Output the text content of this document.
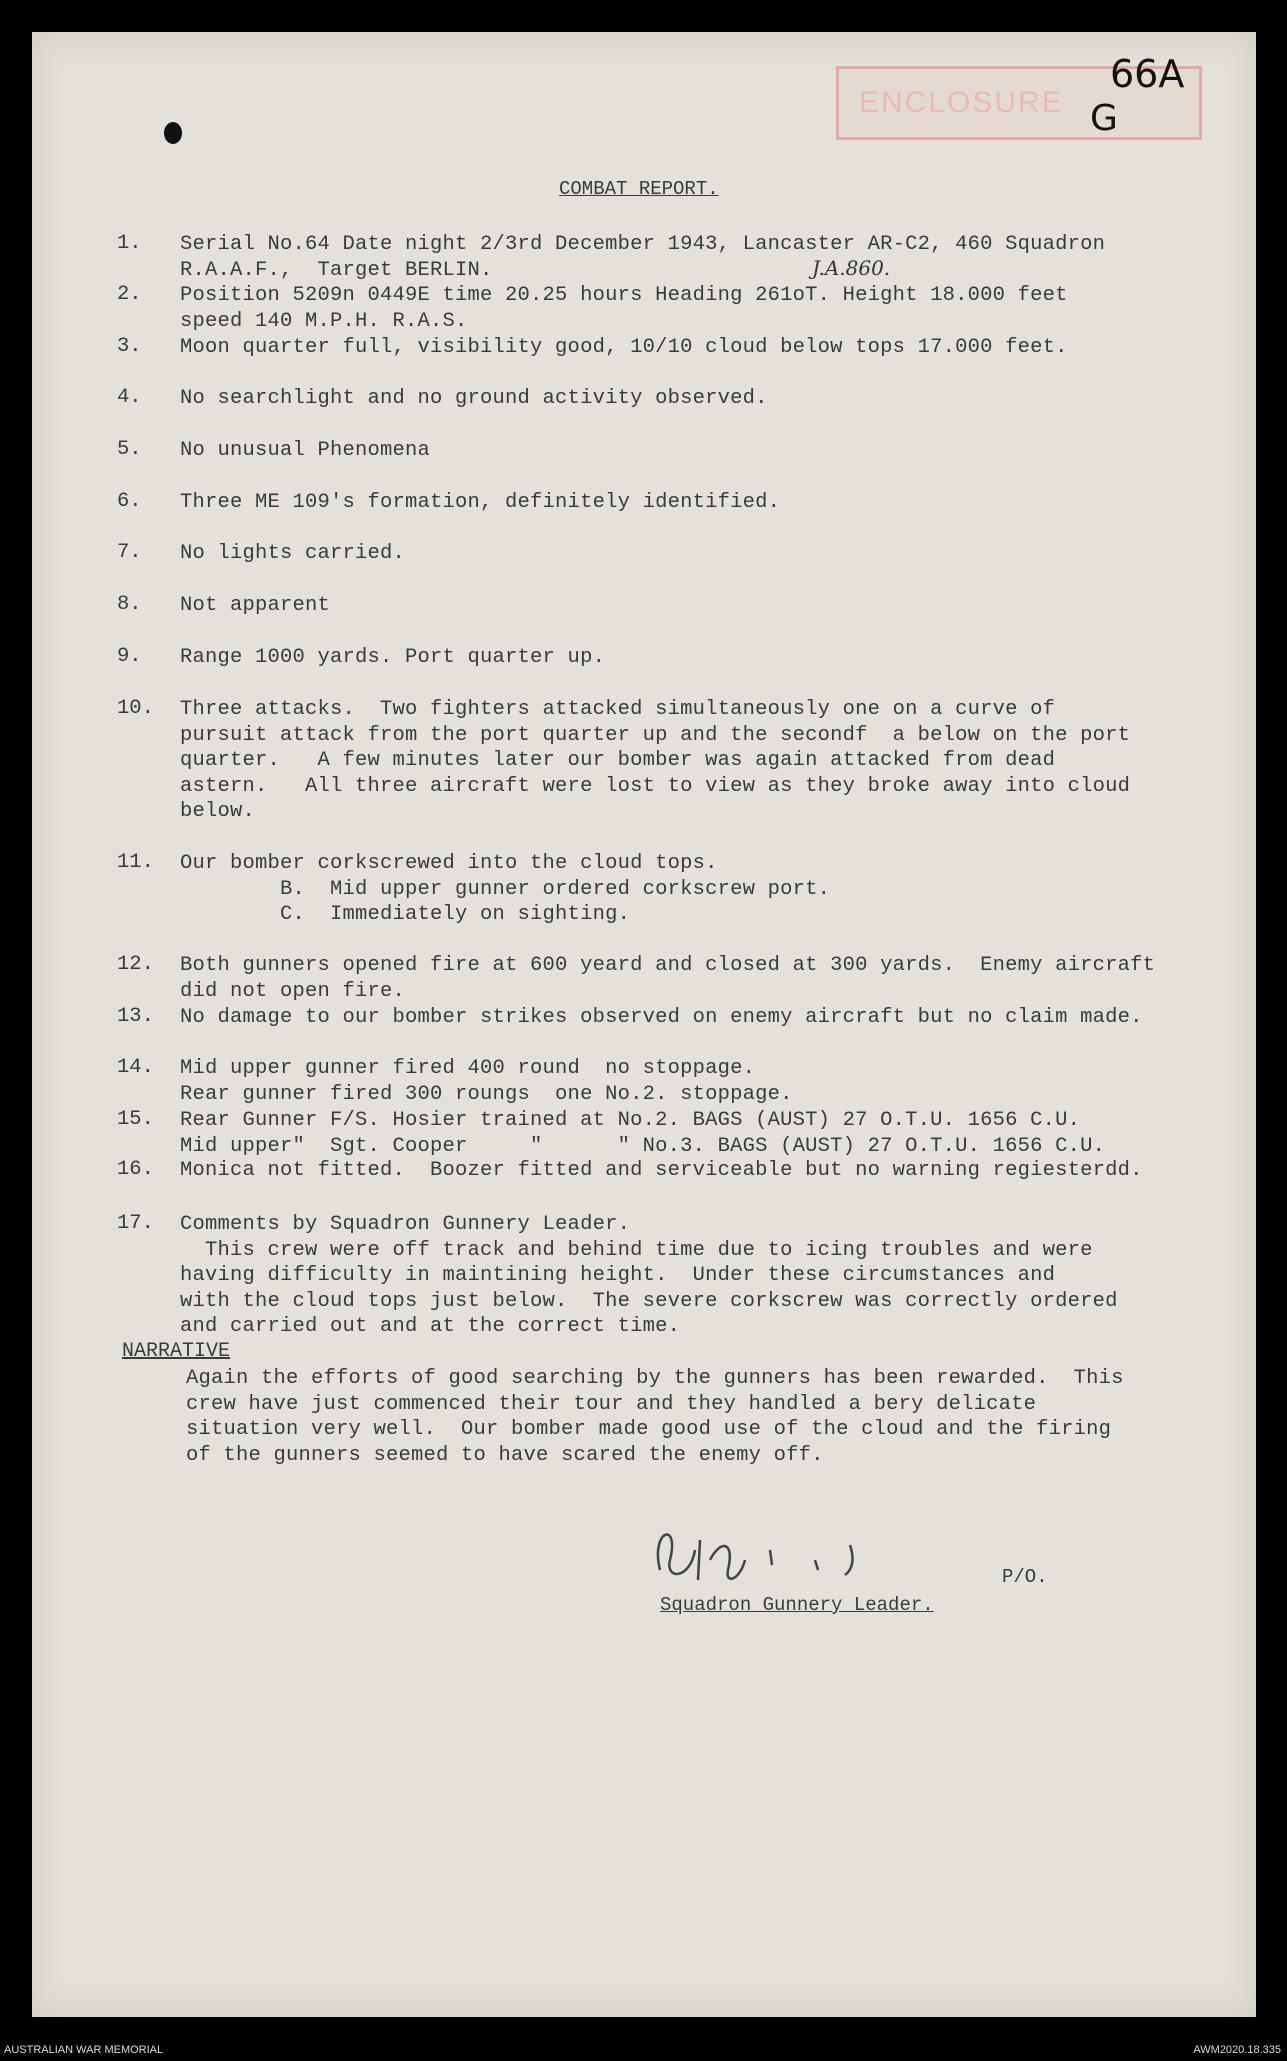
ENCLOSURE
66A
G
COMBAT REPORT.
J.A.860.
1. Serial No.64 Date night 2/3rd December 1943, Lancaster AR-C2, 460 Squadron
R.A.A.F.,  Target BERLIN.
2. Position 5209n 0449E time 20.25 hours Heading 261oT. Height 18.000 feet
speed 140 M.P.H. R.A.S.
3. Moon quarter full, visibility good, 10/10 cloud below tops 17.000 feet.
4. No searchlight and no ground activity observed.
5. No unusual Phenomena
6. Three ME 109's formation, definitely identified.
7. No lights carried.
8. Not apparent
9. Range 1000 yards. Port quarter up.
10. Three attacks.  Two fighters attacked simultaneously one on a curve of
pursuit attack from the port quarter up and the secondf  a below on the port
quarter.   A few minutes later our bomber was again attacked from dead
astern.   All three aircraft were lost to view as they broke away into cloud
below.
11. Our bomber corkscrewed into the cloud tops.
B.  Mid upper gunner ordered corkscrew port.
C.  Immediately on sighting.
12. Both gunners opened fire at 600 yeard and closed at 300 yards.  Enemy aircraft
did not open fire.
13. No damage to our bomber strikes observed on enemy aircraft but no claim made.
14. Mid upper gunner fired 400 round  no stoppage.
Rear gunner fired 300 roungs  one No.2. stoppage.
15. Rear Gunner F/S. Hosier trained at No.2. BAGS (AUST) 27 O.T.U. 1656 C.U.
Mid upper"  Sgt. Cooper     "      " No.3. BAGS (AUST) 27 O.T.U. 1656 C.U.
16. Monica not fitted.  Boozer fitted and serviceable but no warning regiesterdd.
17. Comments by Squadron Gunnery Leader.
This crew were off track and behind time due to icing troubles and were
having difficulty in maintining height.  Under these circumstances and
with the cloud tops just below.  The severe corkscrew was correctly ordered
and carried out and at the correct time.
NARRATIVE
Again the efforts of good searching by the gunners has been rewarded.  This
crew have just commenced their tour and they handled a bery delicate
situation very well.  Our bomber made good use of the cloud and the firing
of the gunners seemed to have scared the enemy off.
P/O.
Squadron Gunnery Leader.
AUSTRALIAN WAR MEMORIAL	AWM2020.18.335
